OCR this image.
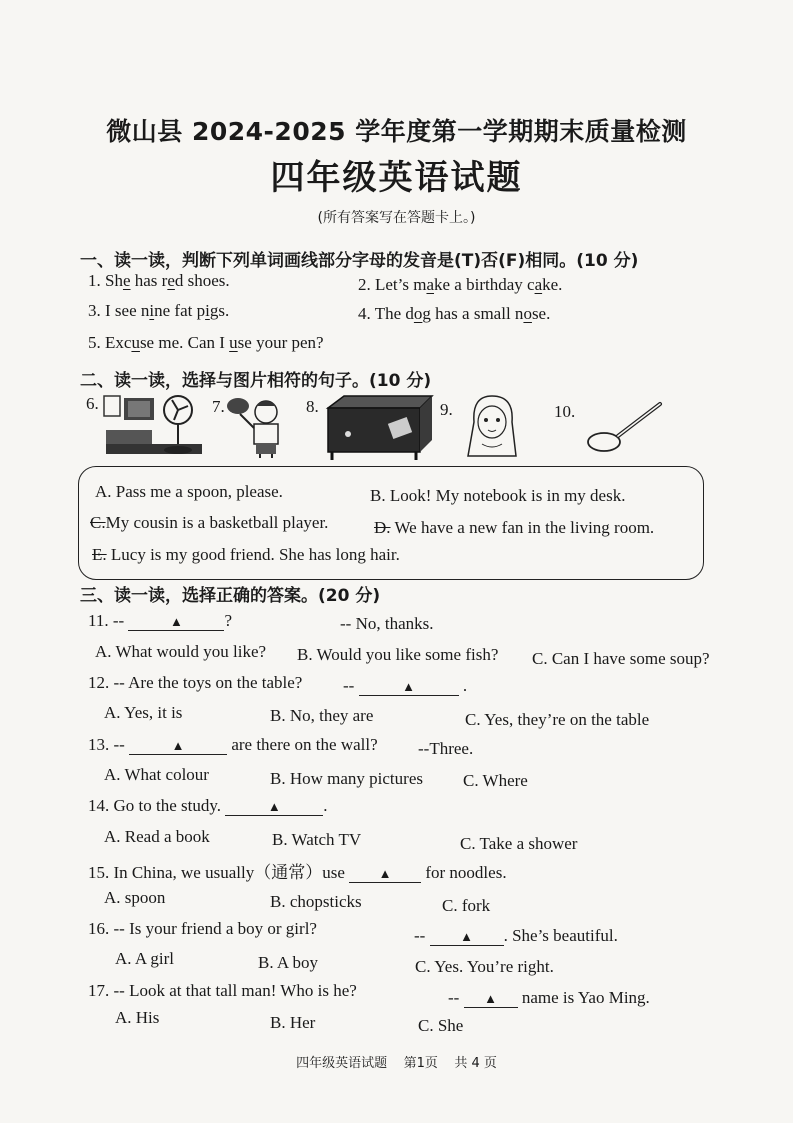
微山县 2024-2025 学年度第一学期期末质量检测
四年级英语试题
(所有答案写在答题卡上。)
一、读一读，判断下列单词画线部分字母的发音是(T)否(F)相同。(10 分)
1. She has red shoes.	2. Let’s make a birthday cake.
3. I see nine fat pigs.	4. The dog has a small nose.
5. Excuse me. Can I use your pen?
二、读一读，选择与图片相符的句子。(10 分)
6.	7.	8.	9.	10.
A. Pass me a spoon, please.	B. Look! My notebook is in my desk.
C.My cousin is a basketball player.	D. We have a new fan in the living room.
E. Lucy is my good friend. She has long hair.
三、读一读，选择正确的答案。(20 分)
11. --	▲ ?	-- No, thanks.
A. What would you like? B. Would you like some fish? C. Can I have some soup?
12. -- Are the toys on the table? --	▲	.
A. Yes, it is	B. No, they are	C. Yes, they’re on the table
13. --	▲	are there on the wall? --Three.
A. What colour	B. How many pictures C. Where
14. Go to the study.	▲	.
A. Read a book	B. Watch TV	C. Take a shower
15. In China, we usually（通常）use	▲ for noodles.
A. spoon	B. chopsticks	C. fork
16. -- Is your friend a boy or girl?	--	▲ . She’s beautiful.
A. A girl	B. A boy	C. Yes. You’re right.
17. -- Look at that tall man! Who is he?	-- ▲ name is Yao Ming.
A. His	B. Her	C. She
四年级英语试题    第1页    共 4 页
